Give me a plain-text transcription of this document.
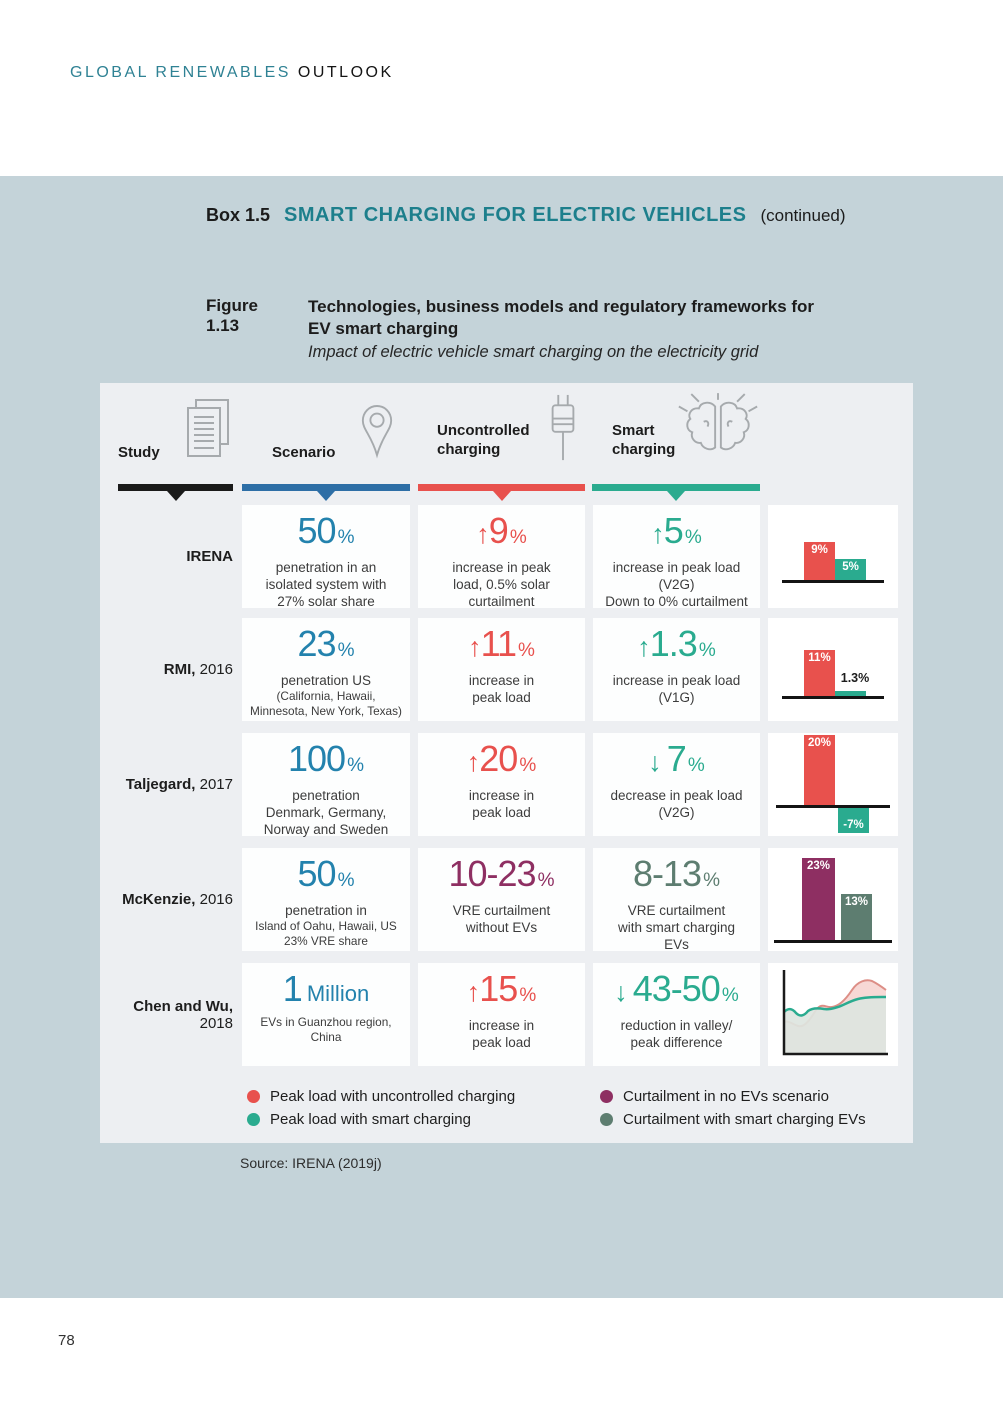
GLOBAL RENEWABLES OUTLOOK
Box 1.5 SMART CHARGING FOR ELECTRIC VEHICLES (continued)
Figure 1.13
Technologies, business models and regulatory frameworks for
EV smart charging
Impact of electric vehicle smart charging on the electricity grid
Study	Scenario
Uncontrolled charging
Smart charging
IRENA
50 %
penetration in an
isolated system with
27% solar share
↑9 %
increase in peak
load, 0.5% solar
curtailment
↑5 %
increase in peak load
(V2G)
Down to 0% curtailment
9%
5%
RMI, 2016
23 %
penetration US
(California, Hawaii,
Minnesota, New York, Texas)
↑11 %
increase in
peak load
↑1.3 %
increase in peak load
(V1G)
11%
1.3%
Taljegard, 2017
100 %
penetration
Denmark, Germany,
Norway and Sweden
↑20 %
increase in
peak load
↓ 7 %
decrease in peak load
(V2G)
20%
-7%
McKenzie, 2016
50 %
penetration in
Island of Oahu, Hawaii, US
23% VRE share
10-23 %
VRE curtailment
without EVs
8-13 %
VRE curtailment
with smart charging
EVs
23%
13%
Chen and Wu,
2018
1 Million
EVs in Guanzhou region,
China
↑15 %
increase in
peak load
↓ 43-50 %
reduction in valley/
peak difference
Peak load with uncontrolled charging
Peak load with smart charging
Curtailment in no EVs scenario
Curtailment with smart charging EVs
Source: IRENA (2019j)
78
